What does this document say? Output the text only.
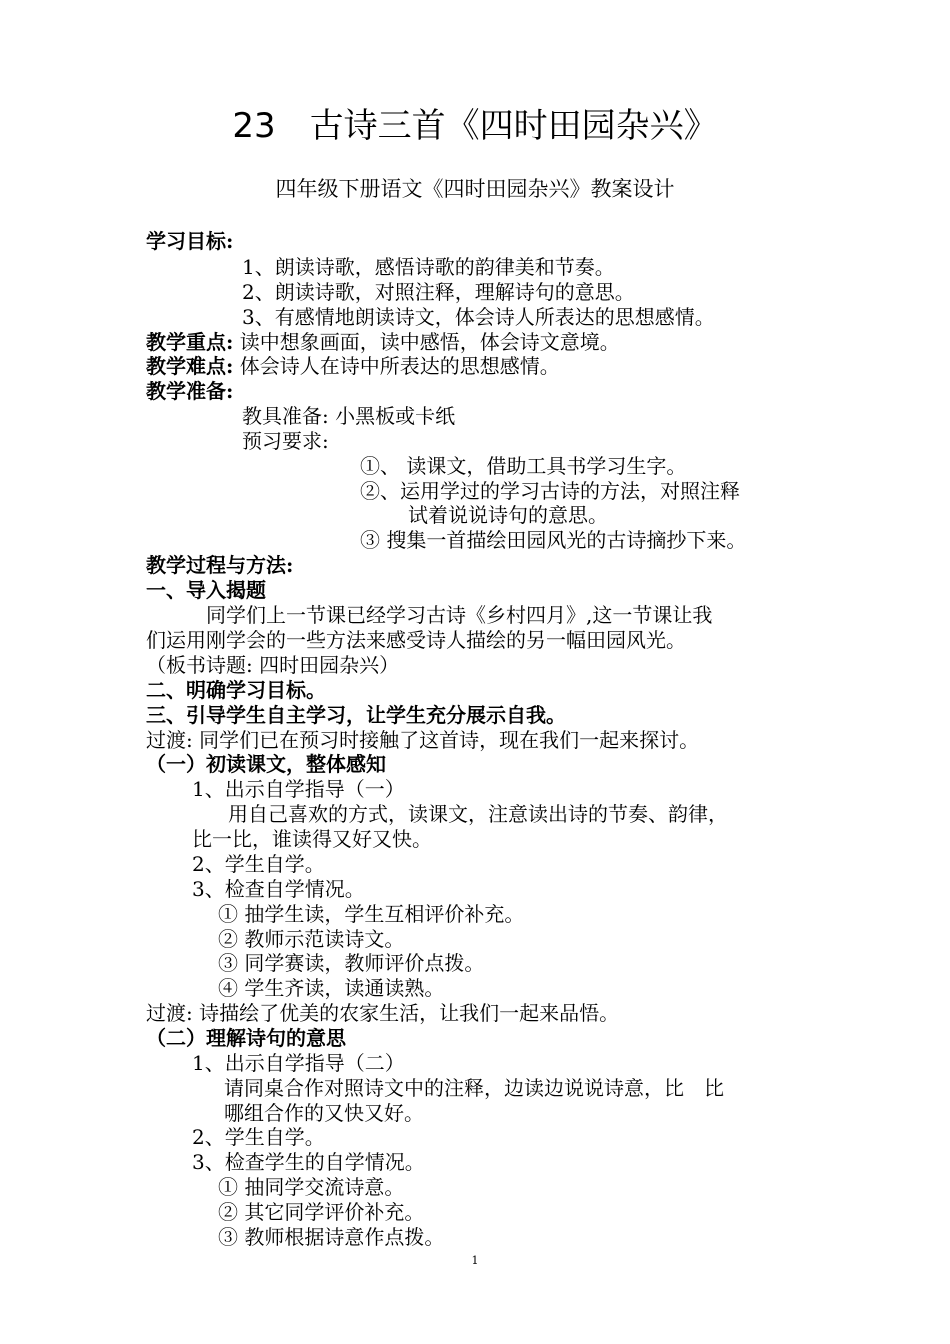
23　古诗三首《四时田园杂兴》
四年级下册语文《四时田园杂兴》教案设计
学习目标:
1、朗读诗歌，感悟诗歌的韵律美和节奏。
2、朗读诗歌，对照注释，理解诗句的意思。
3、有感情地朗读诗文，体会诗人所表达的思想感情。
教学重点: 读中想象画面，读中感悟，体会诗文意境。
教学难点: 体会诗人在诗中所表达的思想感情。
教学准备:
教具准备: 小黑板或卡纸
预习要求:
①、 读课文，借助工具书学习生字。
②、运用学过的学习古诗的方法，对照注释
试着说说诗句的意思。
③ 搜集一首描绘田园风光的古诗摘抄下来。
教学过程与方法:
一、导入揭题
同学们上一节课已经学习古诗《乡村四月》,这一节课让我
们运用刚学会的一些方法来感受诗人描绘的另一幅田园风光。
（板书诗题: 四时田园杂兴）
二、明确学习目标。
三、引导学生自主学习，让学生充分展示自我。
过渡: 同学们已在预习时接触了这首诗，现在我们一起来探讨。
（一）初读课文，整体感知
1、出示自学指导（一）
用自己喜欢的方式，读课文，注意读出诗的节奏、韵律，
比一比，谁读得又好又快。
2、学生自学。
3、检查自学情况。
① 抽学生读，学生互相评价补充。
② 教师示范读诗文。
③ 同学赛读，教师评价点拨。
④ 学生齐读，读通读熟。
过渡: 诗描绘了优美的农家生活，让我们一起来品悟。
（二）理解诗句的意思
1、出示自学指导（二）
请同桌合作对照诗文中的注释，边读边说说诗意，比　比
哪组合作的又快又好。
2、学生自学。
3、检查学生的自学情况。
① 抽同学交流诗意。
② 其它同学评价补充。
③ 教师根据诗意作点拨。
1
